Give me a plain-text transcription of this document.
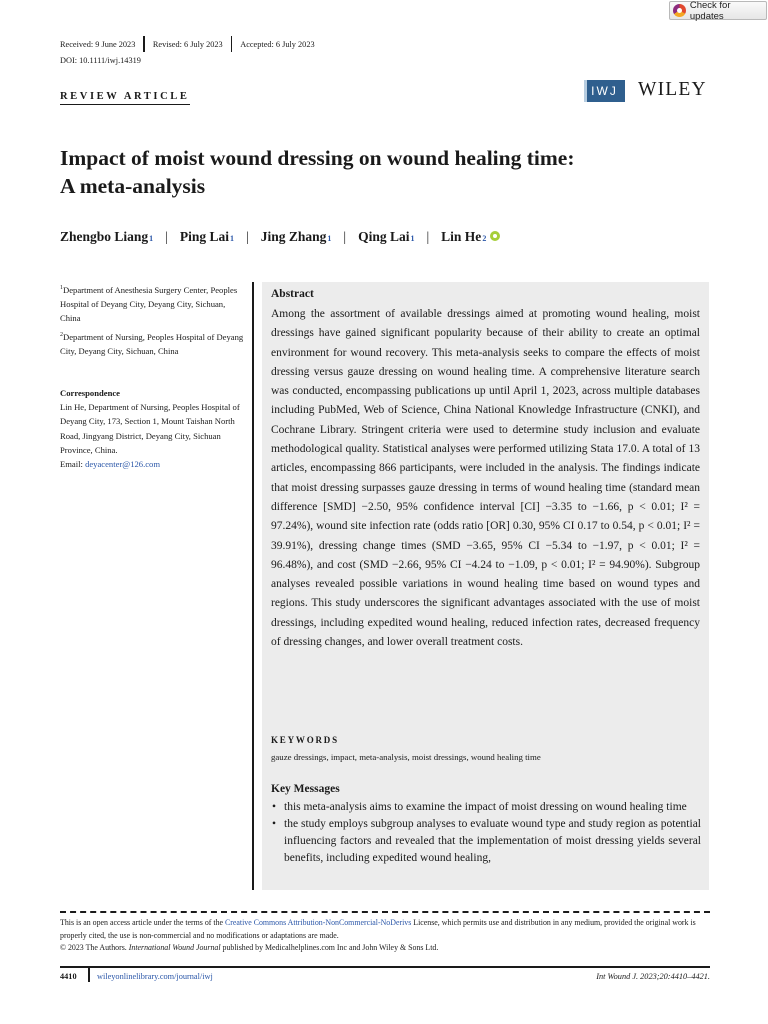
Check for updates
Received: 9 June 2023 Revised: 6 July 2023 Accepted: 6 July 2023
DOI: 10.1111/iwj.14319
REVIEW ARTICLE	IWJ WILEY
Impact of moist wound dressing on wound healing time:
A meta-analysis
Zhengbo Liang 1 | Ping Lai 1 | Jing Zhang 1 | Qing Lai 1 | Lin He 2

$^1$Department of Anesthesia Surgery Center, Peoples Hospital of Deyang City, Deyang City, Sichuan, China

$^2$Department of Nursing, Peoples Hospital of Deyang City, Deyang City, Sichuan, China

Correspondence
Lin He, Department of Nursing, Peoples Hospital of Deyang City, 173, Section 1, Mount Taishan North Road, Jingyang District, Deyang City, Sichuan Province, China.
Email: deyacenter@126.com
Abstract
Among the assortment of available dressings aimed at promoting wound healing, moist dressings have gained significant popularity because of their ability to create an optimal environment for wound recovery. This meta-analysis seeks to compare the effects of moist dressing versus gauze dressing on wound healing time. A comprehensive literature search was conducted, encompassing publications up until April 1, 2023, across multiple databases including PubMed, Web of Science, China National Knowledge Infrastructure (CNKI), and Cochrane Library. Stringent criteria were used to determine study inclusion and evaluate methodological quality. Statistical analyses were performed utilizing Stata 17.0. A total of 13 articles, encompassing 866 participants, were included in the analysis. The findings indicate that moist dressing surpasses gauze dressing in terms of wound healing time (standard mean difference [SMD] −2.50, 95% confidence interval [CI] −3.35 to −1.66, p < 0.01; I² = 97.24%), wound site infection rate (odds ratio [OR] 0.30, 95% CI 0.17 to 0.54, p < 0.01; I² = 39.91%), dressing change times (SMD −3.65, 95% CI −5.34 to −1.97, p < 0.01; I² = 96.48%), and cost (SMD −2.66, 95% CI −4.24 to −1.09, p < 0.01; I² = 94.90%). Subgroup analyses revealed possible variations in wound healing time based on wound types and regions. This study underscores the significant advantages associated with the use of moist dressings, including expedited wound healing, reduced infection rates, decreased frequency of dressing changes, and lower overall treatment costs.
KEYWORDS
gauze dressings, impact, meta-analysis, moist dressings, wound healing time
Key Messages
• this meta-analysis aims to examine the impact of moist dressing on wound healing time
• the study employs subgroup analyses to evaluate wound type and study region as potential influencing factors and revealed that the implementation of moist dressing yields several benefits, including expedited wound healing,
This is an open access article under the terms of the Creative Commons Attribution-NonCommercial-NoDerivs License, which permits use and distribution in any medium, provided the original work is properly cited, the use is non-commercial and no modifications or adaptations are made.
© 2023 The Authors. International Wound Journal published by Medicalhelplines.com Inc and John Wiley & Sons Ltd.
4410 wileyonlinelibrary.com/journal/iwj	Int Wound J. 2023;20:4410–4421.
